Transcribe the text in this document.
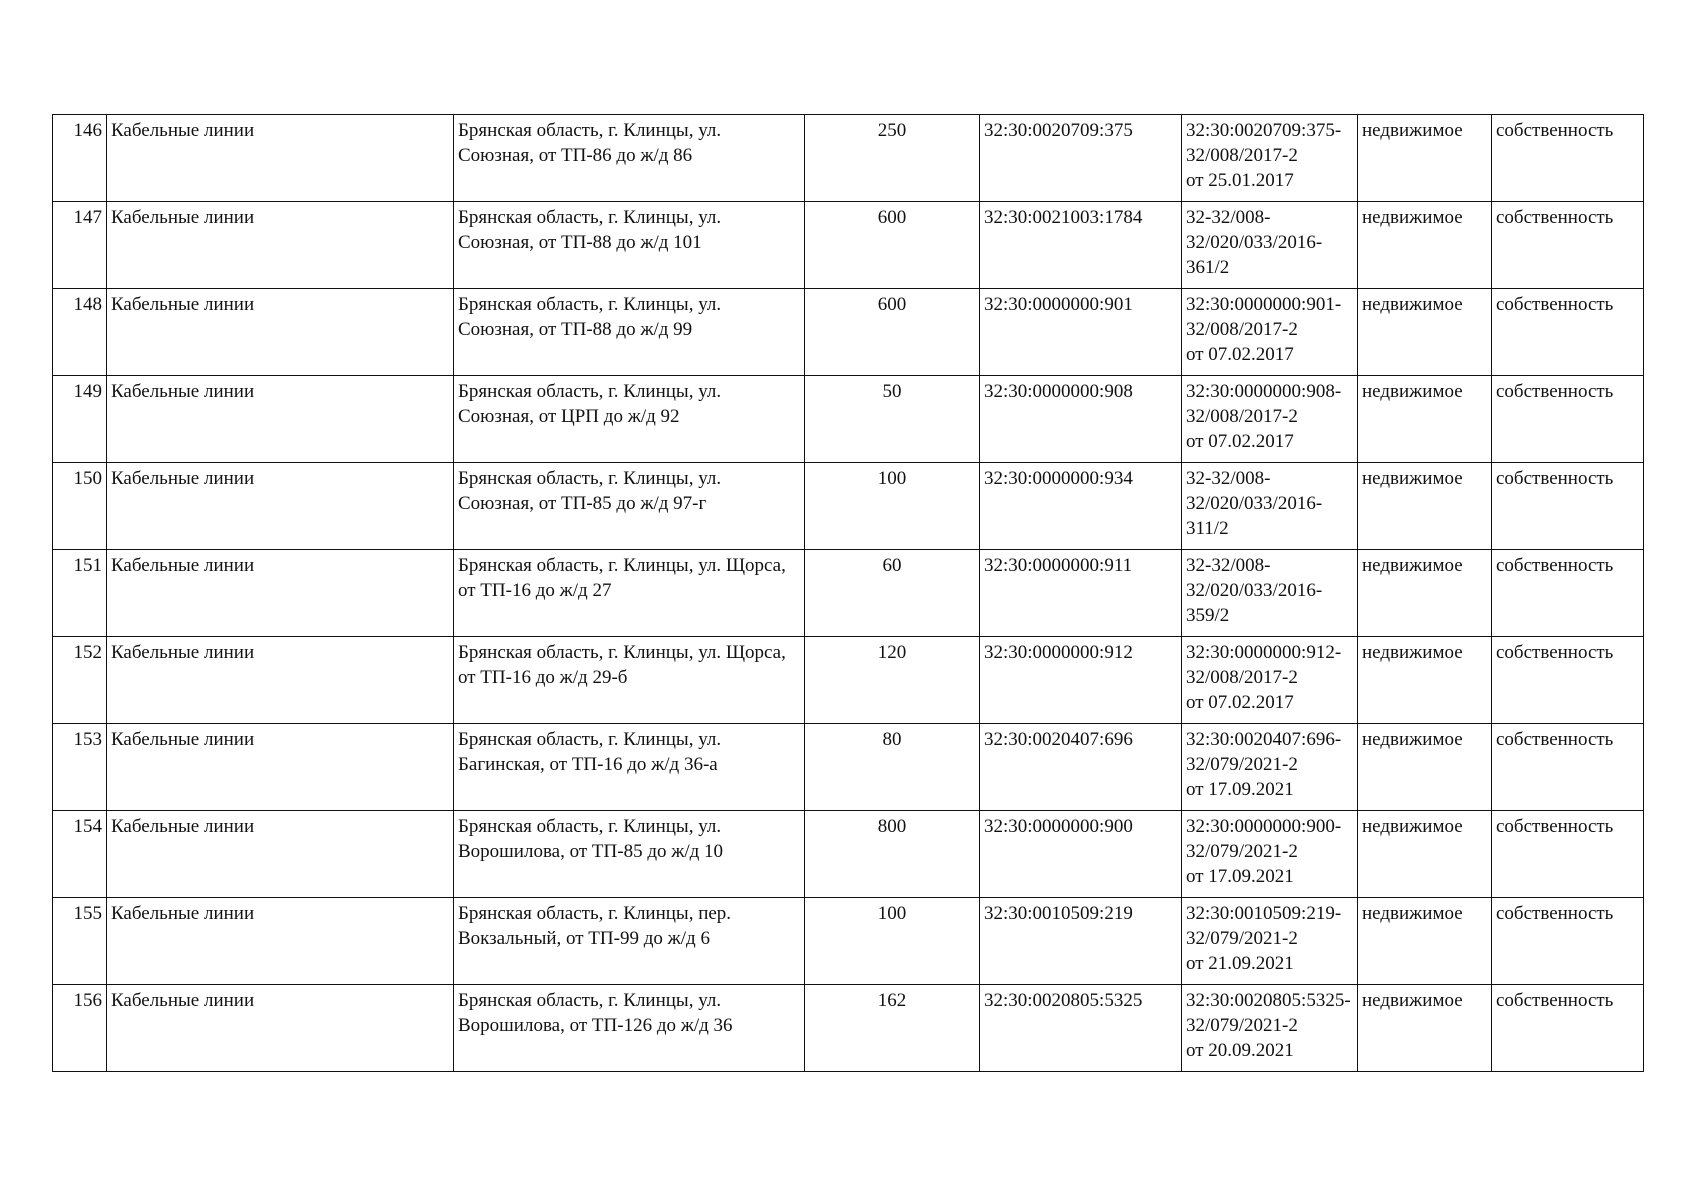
146	Кабельные линии	Брянская область, г. Клинцы, ул. Союзная, от ТП-86 до ж/д 86	250	32:30:0020709:375	32:30:0020709:375-
32/008/2017-2
от 25.01.2017	недвижимое	собственность
147	Кабельные линии	Брянская область, г. Клинцы, ул. Союзная, от ТП-88 до ж/д 101	600	32:30:0021003:1784	32-32/008-
32/020/033/2016-
361/2	недвижимое	собственность
148	Кабельные линии	Брянская область, г. Клинцы, ул. Союзная, от ТП-88 до ж/д 99	600	32:30:0000000:901	32:30:0000000:901-
32/008/2017-2
от 07.02.2017	недвижимое	собственность
149	Кабельные линии	Брянская область, г. Клинцы, ул. Союзная, от ЦРП до ж/д 92	50	32:30:0000000:908	32:30:0000000:908-
32/008/2017-2
от 07.02.2017	недвижимое	собственность
150	Кабельные линии	Брянская область, г. Клинцы, ул. Союзная, от ТП-85 до ж/д 97-г	100	32:30:0000000:934	32-32/008-
32/020/033/2016-
311/2	недвижимое	собственность
151	Кабельные линии	Брянская область, г. Клинцы, ул. Щорса, от ТП-16 до ж/д 27	60	32:30:0000000:911	32-32/008-
32/020/033/2016-
359/2	недвижимое	собственность
152	Кабельные линии	Брянская область, г. Клинцы, ул. Щорса, от ТП-16 до ж/д 29-б	120	32:30:0000000:912	32:30:0000000:912-
32/008/2017-2
от 07.02.2017	недвижимое	собственность
153	Кабельные линии	Брянская область, г. Клинцы, ул. Багинская, от ТП-16 до ж/д 36-а	80	32:30:0020407:696	32:30:0020407:696-
32/079/2021-2
от 17.09.2021	недвижимое	собственность
154	Кабельные линии	Брянская область, г. Клинцы, ул. Ворошилова, от ТП-85 до ж/д 10	800	32:30:0000000:900	32:30:0000000:900-
32/079/2021-2
от 17.09.2021	недвижимое	собственность
155	Кабельные линии	Брянская область, г. Клинцы, пер. Вокзальный, от ТП-99 до ж/д 6	100	32:30:0010509:219	32:30:0010509:219-
32/079/2021-2
от 21.09.2021	недвижимое	собственность
156	Кабельные линии	Брянская область, г. Клинцы, ул. Ворошилова, от ТП-126 до ж/д 36	162	32:30:0020805:5325	32:30:0020805:5325-
32/079/2021-2
от 20.09.2021	недвижимое	собственность
